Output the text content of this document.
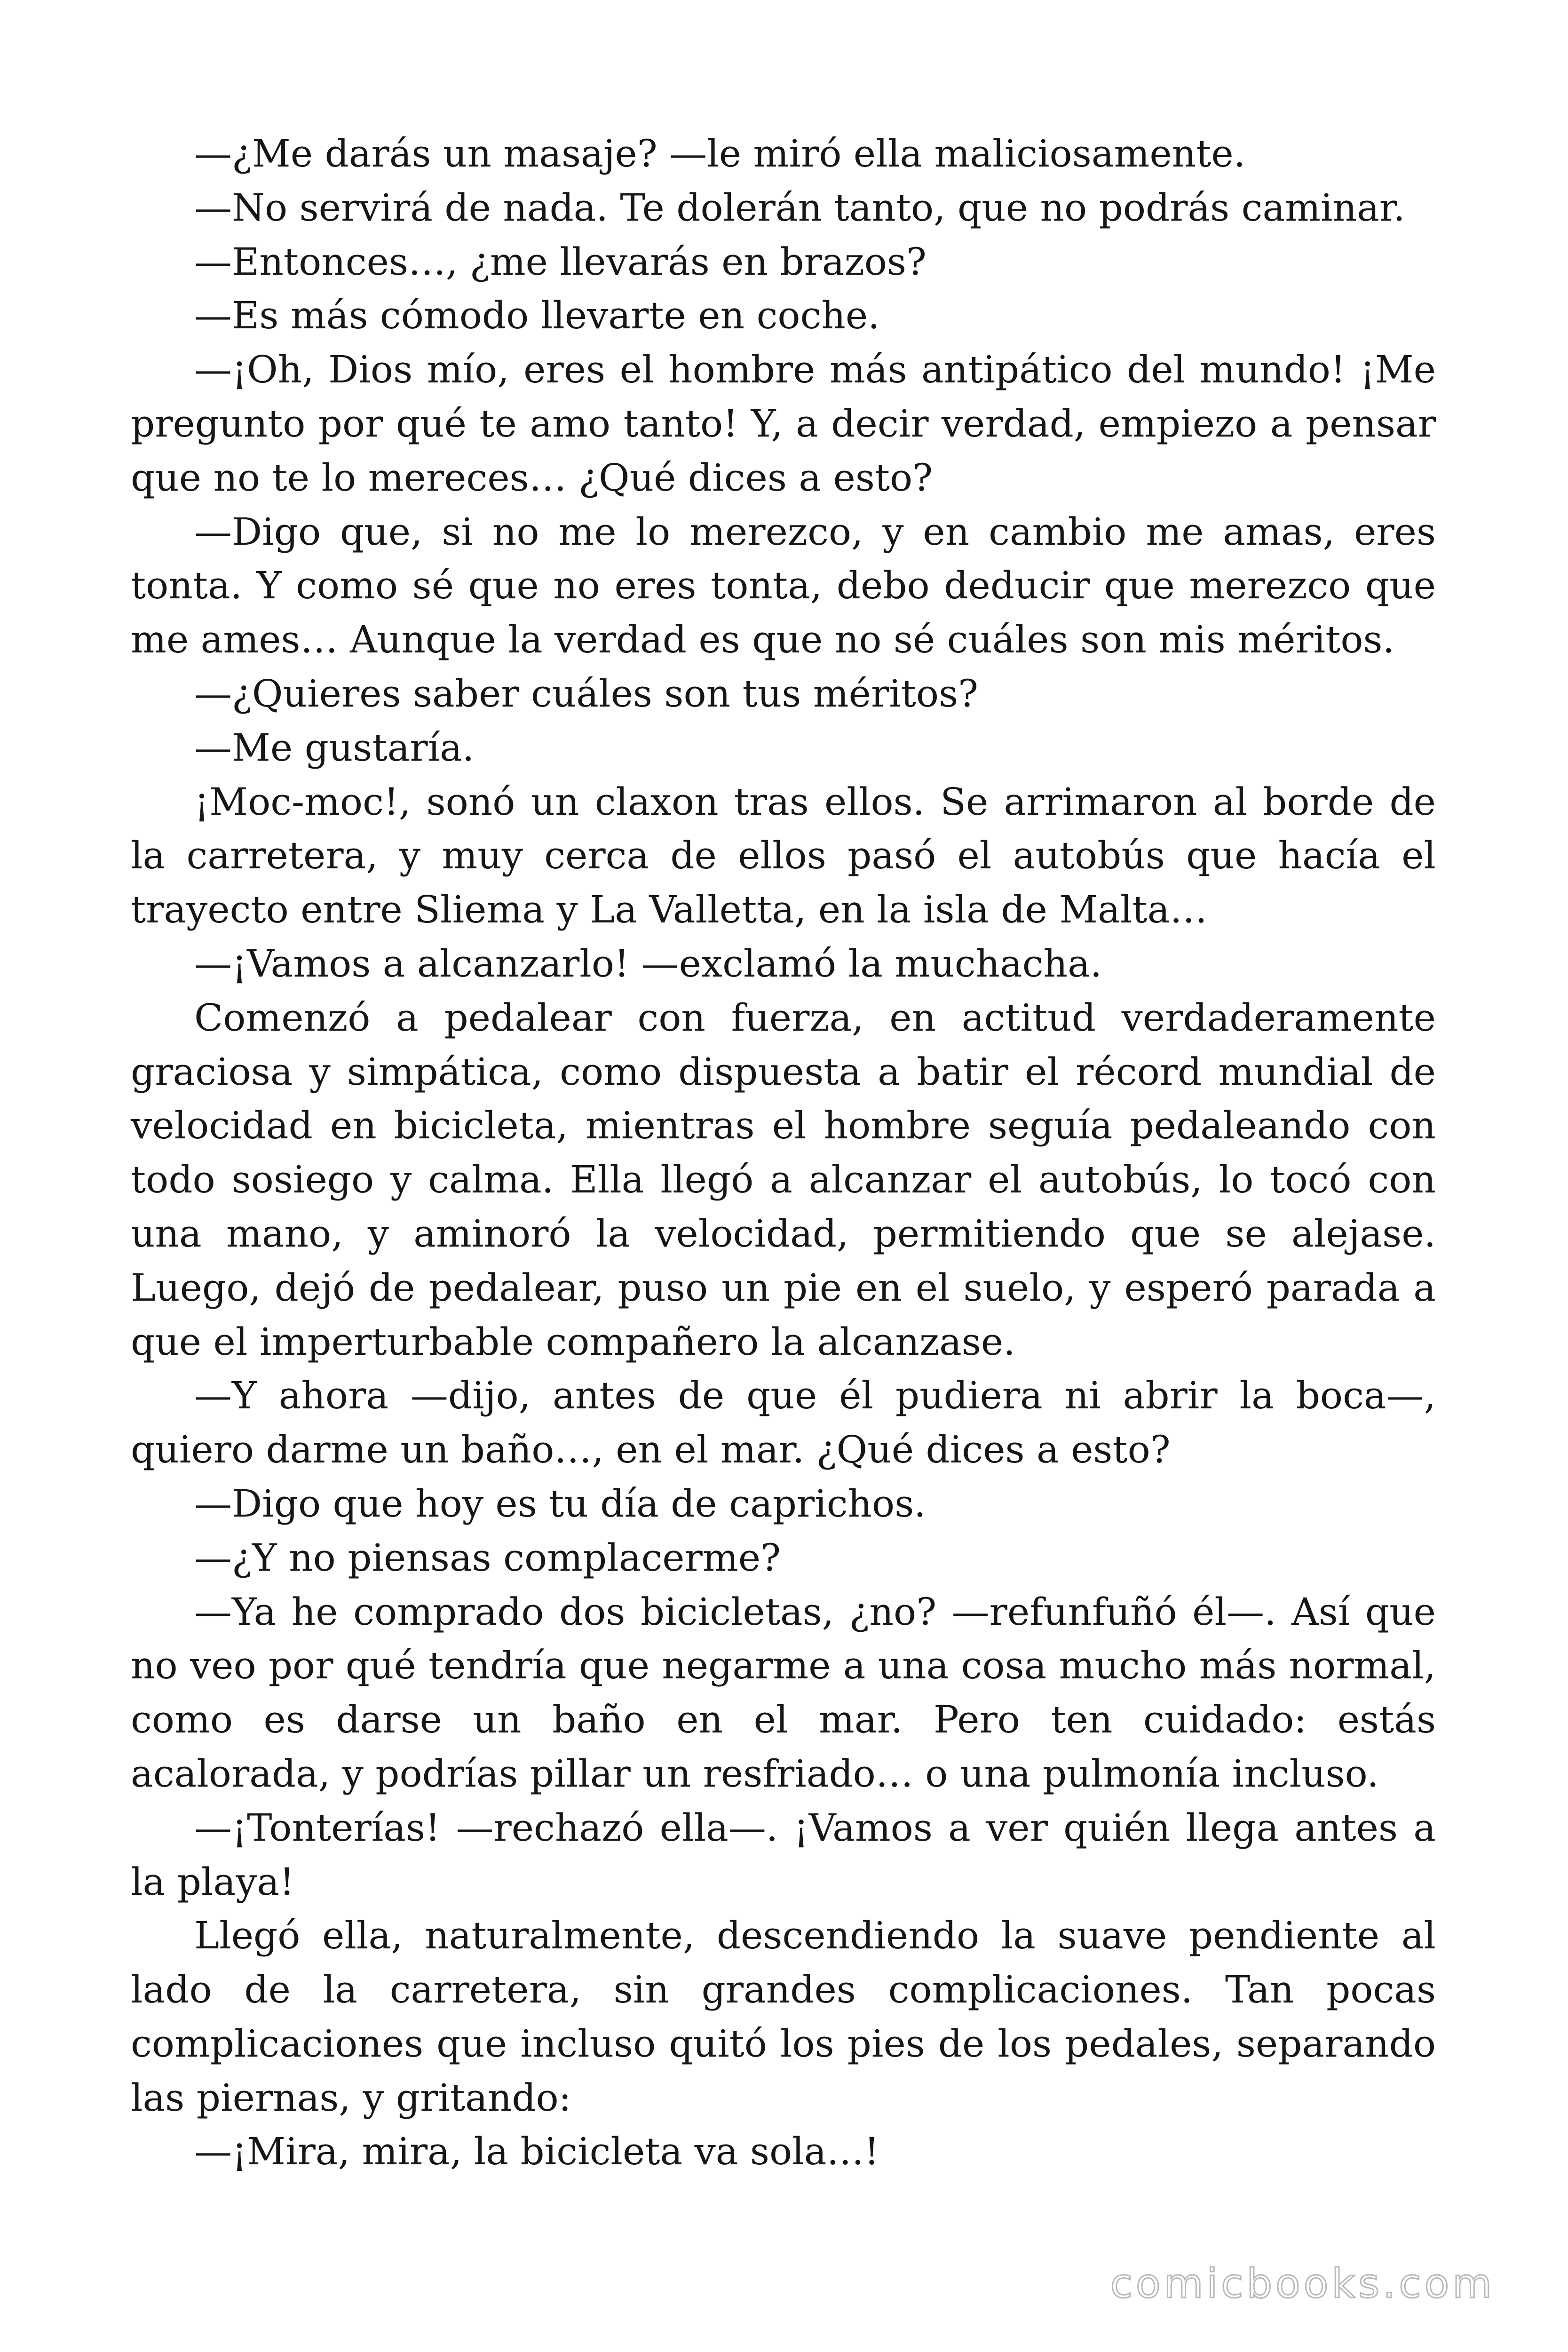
—¿Me darás un masaje? —le miró ella maliciosamente.

—No servirá de nada. Te dolerán tanto, que no podrás caminar.

—Entonces…, ¿me llevarás en brazos?

—Es más cómodo llevarte en coche.

—¡Oh, Dios mío, eres el hombre más antipático del mundo! ¡Me pregunto por qué te amo tanto! Y, a decir verdad, empiezo a pensar que no te lo mereces… ¿Qué dices a esto?

—Digo que, si no me lo merezco, y en cambio me amas, eres tonta. Y como sé que no eres tonta, debo deducir que merezco que me ames… Aunque la verdad es que no sé cuáles son mis méritos.

—¿Quieres saber cuáles son tus méritos?

—Me gustaría.

¡Moc-moc!, sonó un claxon tras ellos. Se arrimaron al borde de la carretera, y muy cerca de ellos pasó el autobús que hacía el trayecto entre Sliema y La Valletta, en la isla de Malta…

—¡Vamos a alcanzarlo! —exclamó la muchacha.

Comenzó a pedalear con fuerza, en actitud verdaderamente graciosa y simpática, como dispuesta a batir el récord mundial de velocidad en bicicleta, mientras el hombre seguía pedaleando con todo sosiego y calma. Ella llegó a alcanzar el autobús, lo tocó con una mano, y aminoró la velocidad, permitiendo que se alejase. Luego, dejó de pedalear, puso un pie en el suelo, y esperó parada a que el imperturbable compañero la alcanzase.

—Y ahora —dijo, antes de que él pudiera ni abrir la boca—, quiero darme un baño…, en el mar. ¿Qué dices a esto?

—Digo que hoy es tu día de caprichos.

—¿Y no piensas complacerme?

—Ya he comprado dos bicicletas, ¿no? —refunfuñó él—. Así que no veo por qué tendría que negarme a una cosa mucho más normal, como es darse un baño en el mar. Pero ten cuidado: estás acalorada, y podrías pillar un resfriado… o una pulmonía incluso.

—¡Tonterías! —rechazó ella—. ¡Vamos a ver quién llega antes a la playa!

Llegó ella, naturalmente, descendiendo la suave pendiente al lado de la carretera, sin grandes complicaciones. Tan pocas complicaciones que incluso quitó los pies de los pedales, separando las piernas, y gritando:

—¡Mira, mira, la bicicleta va sola…!

comicbooks.com
